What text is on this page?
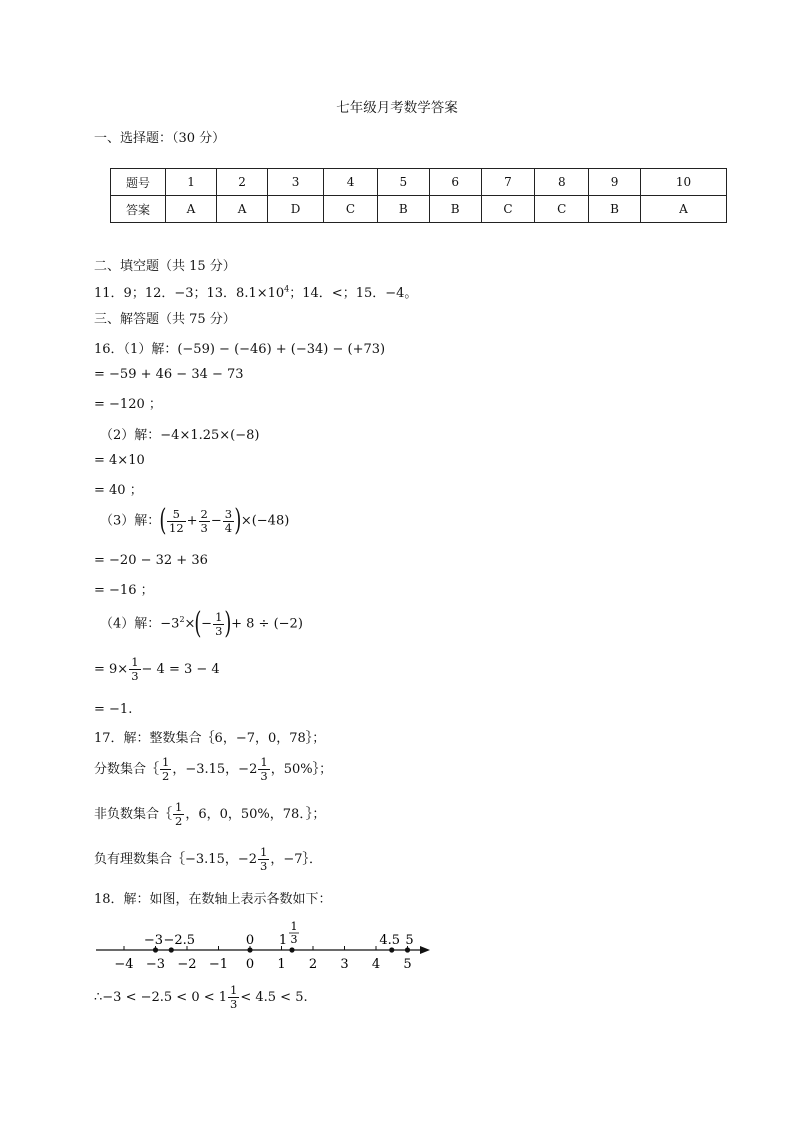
七年级月考数学答案
一、选择题：（30 分）
题号	1	2	3	4	5	6	7	8	9	10
答案	A	A	D	C	B	B	C	C	B	A
二、填空题（共 15 分）
11．9；12．−3；13．$8.1\times 10^4$；14．<；15．−4。
三、解答题（共 75 分）
16．（1）解：(−59) − (−46) + (−34) − (+73)
= −59 + 46 − 34 − 73
= −120 ；
（2）解：−4×1.25×(−8)
= 4×10
= 40 ；
（3）解：( $\frac{5}{12} + \frac{2}{3} - \frac{3}{4} )\times(-48)$
= −20 − 32 + 36
= −16 ；
（4）解：$-3^2\times(- \frac{1}{3}$ )+ 8 ÷ (−2)
= $9\times \frac{1}{3} - 4 = 3 - 4$
= −1.
17．解：整数集合｛6，−7，0，78｝；
分数集合｛ $\frac{1}{2}$ ，−3.15，$-2 \frac{1}{3}$ ，50%｝；
非负数集合｛ $\frac{1}{2}$ ，6，0，50%，78．｝；
负有理数集合｛−3.15，$-2 \frac{1}{3}$ ，−7｝．
18．解：如图，在数轴上表示各数如下：
−4 −3 −2 −1 0 1 2 3 4 5
−3 −2.5	0 1
1
3	4.5 5
∴−3 < $-2.5 < 0 < 1 \frac{1}{3} < 4.5 < 5$.
